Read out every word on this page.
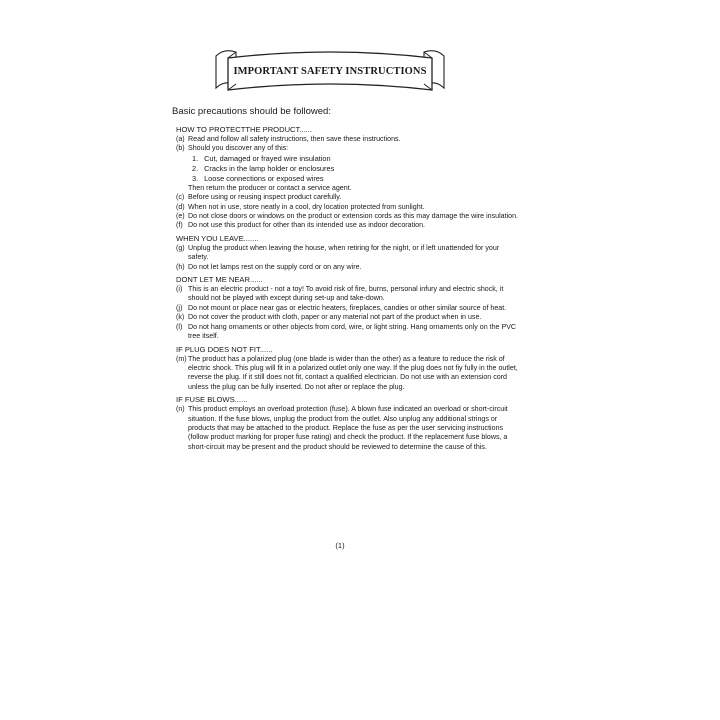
IMPORTANT SAFETY INSTRUCTIONS
Basic precautions should be followed:
HOW TO PROTECTTHE PRODUCT......
(a) Read and follow all safety instructions, then save these instructions.
(b) Should you discover any of this:
1. Cut, damaged or frayed wire insulation
2. Cracks in the lamp holder or enclosures
3. Loose connections or exposed wires
Then return the producer or contact a service agent.
(c) Before using or reusing inspect product carefully.
(d) When not in use, store neatly in a cool, dry location protected from sunlight.
(e) Do not close doors or windows on the product or extension cords as this may damage the wire insulation.
(f) Do not use this product for other than its intended use as indoor decoration.
WHEN YOU LEAVE.......
(g) Unplug the product when leaving the house, when retiring for the night, or if left unattended for your safety.
(h) Do not let lamps rest on the supply cord or on any wire.
DONT LET ME NEAR......
(i) This is an electric product - not a toy! To avoid risk of fire, burns, personal infury and electric shock, it should not be played with except during set-up and take-down.
(j) Do not mount or place near gas or electric heaters, fireplaces, candies or other similar source of heat.
(k) Do not cover the product with cloth, paper or any material not part of the product when in use.
(l) Do not hang ornaments or other objects from cord, wire, or light string. Hang ornaments only on the PVC tree itself.
IF PLUG DOES NOT FIT......
(m) The product has a polarized plug (one blade is wider than the other) as a feature to reduce the risk of electric shock. This plug will fit in a polarized outlet only one way. If the plug does not fiy fully in the outlet, reverse the plug. If it still does not fit, contact a qualified electrician. Do not use with an extension cord unless the plug can be fully inserted. Do not after or replace the plug.
IF FUSE BLOWS......
(n) This product employs an overload protection (fuse). A blown fuse indicated an overload or short-circuit situation. If the fuse blows, unplug the product from the outlet. Also unplug any additional strings or products that may be attached to the product. Replace the fuse as per the user servicing instructions (follow product marking for proper fuse rating) and check the product. If the replacement fuse blows, a short-circuit may be present and the product should be reviewed to determine the cause of this.
(1)
